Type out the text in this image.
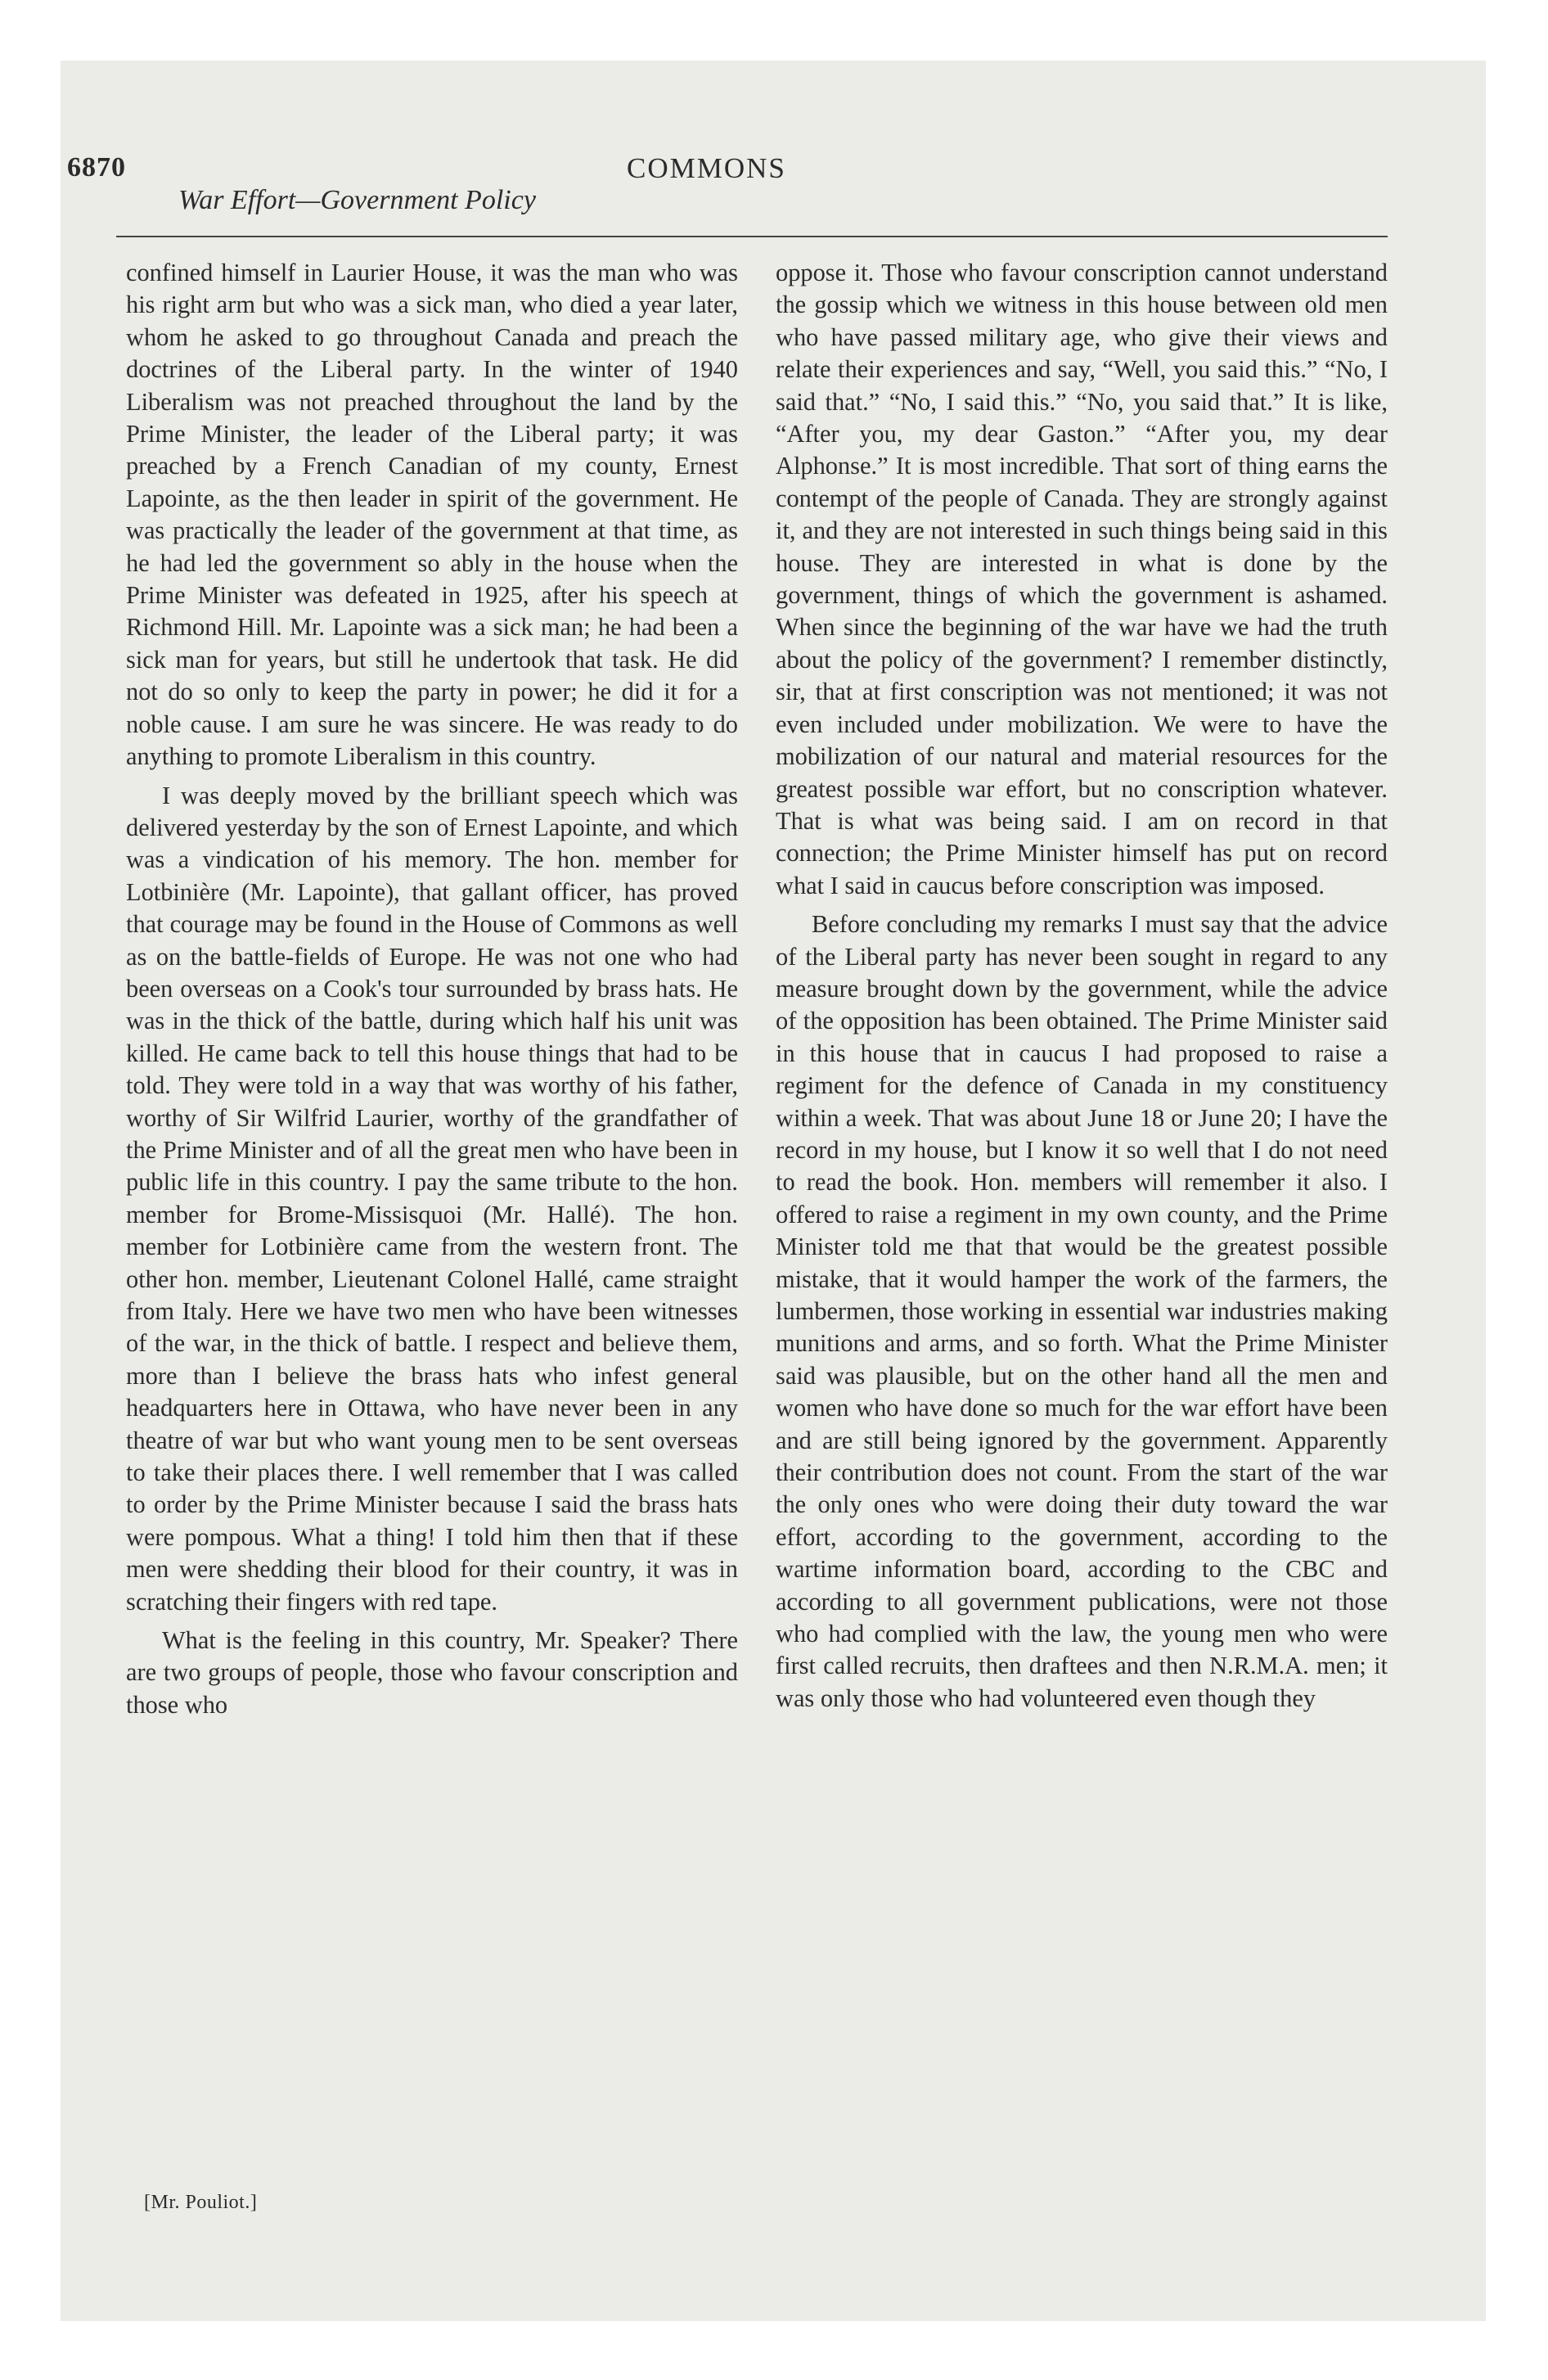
6870	COMMONS
War Effort—Government Policy

confined himself in Laurier House, it was the man who was his right arm but who was a sick man, who died a year later, whom he asked to go throughout Canada and preach the doctrines of the Liberal party. In the winter of 1940 Liberalism was not preached throughout the land by the Prime Minister, the leader of the Liberal party; it was preached by a French Canadian of my county, Ernest Lapointe, as the then leader in spirit of the government. He was practically the leader of the government at that time, as he had led the government so ably in the house when the Prime Minister was defeated in 1925, after his speech at Richmond Hill. Mr. Lapointe was a sick man; he had been a sick man for years, but still he undertook that task. He did not do so only to keep the party in power; he did it for a noble cause. I am sure he was sincere. He was ready to do anything to promote Liberalism in this country.

I was deeply moved by the brilliant speech which was delivered yesterday by the son of Ernest Lapointe, and which was a vindication of his memory. The hon. member for Lotbinière (Mr. Lapointe), that gallant officer, has proved that courage may be found in the House of Commons as well as on the battle-fields of Europe. He was not one who had been overseas on a Cook's tour surrounded by brass hats. He was in the thick of the battle, during which half his unit was killed. He came back to tell this house things that had to be told. They were told in a way that was worthy of his father, worthy of Sir Wilfrid Laurier, worthy of the grandfather of the Prime Minister and of all the great men who have been in public life in this country. I pay the same tribute to the hon. member for Brome-Missisquoi (Mr. Hallé). The hon. member for Lotbinière came from the western front. The other hon. member, Lieutenant Colonel Hallé, came straight from Italy. Here we have two men who have been witnesses of the war, in the thick of battle. I respect and believe them, more than I believe the brass hats who infest general headquarters here in Ottawa, who have never been in any theatre of war but who want young men to be sent overseas to take their places there. I well remember that I was called to order by the Prime Minister because I said the brass hats were pompous. What a thing! I told him then that if these men were shedding their blood for their country, it was in scratching their fingers with red tape.

What is the feeling in this country, Mr. Speaker? There are two groups of people, those who favour conscription and those who

oppose it. Those who favour conscription cannot understand the gossip which we witness in this house between old men who have passed military age, who give their views and relate their experiences and say, “Well, you said this.” “No, I said that.” “No, I said this.” “No, you said that.” It is like, “After you, my dear Gaston.” “After you, my dear Alphonse.” It is most incredible. That sort of thing earns the contempt of the people of Canada. They are strongly against it, and they are not interested in such things being said in this house. They are interested in what is done by the government, things of which the government is ashamed. When since the beginning of the war have we had the truth about the policy of the government? I remember distinctly, sir, that at first conscription was not mentioned; it was not even included under mobilization. We were to have the mobilization of our natural and material resources for the greatest possible war effort, but no conscription whatever. That is what was being said. I am on record in that connection; the Prime Minister himself has put on record what I said in caucus before conscription was imposed.

Before concluding my remarks I must say that the advice of the Liberal party has never been sought in regard to any measure brought down by the government, while the advice of the opposition has been obtained. The Prime Minister said in this house that in caucus I had proposed to raise a regiment for the defence of Canada in my constituency within a week. That was about June 18 or June 20; I have the record in my house, but I know it so well that I do not need to read the book. Hon. members will remember it also. I offered to raise a regiment in my own county, and the Prime Minister told me that that would be the greatest possible mistake, that it would hamper the work of the farmers, the lumbermen, those working in essential war industries making munitions and arms, and so forth. What the Prime Minister said was plausible, but on the other hand all the men and women who have done so much for the war effort have been and are still being ignored by the government. Apparently their contribution does not count. From the start of the war the only ones who were doing their duty toward the war effort, according to the government, according to the wartime information board, according to the CBC and according to all government publications, were not those who had complied with the law, the young men who were first called recruits, then draftees and then N.R.M.A. men; it was only those who had volunteered even though they

[Mr. Pouliot.]
